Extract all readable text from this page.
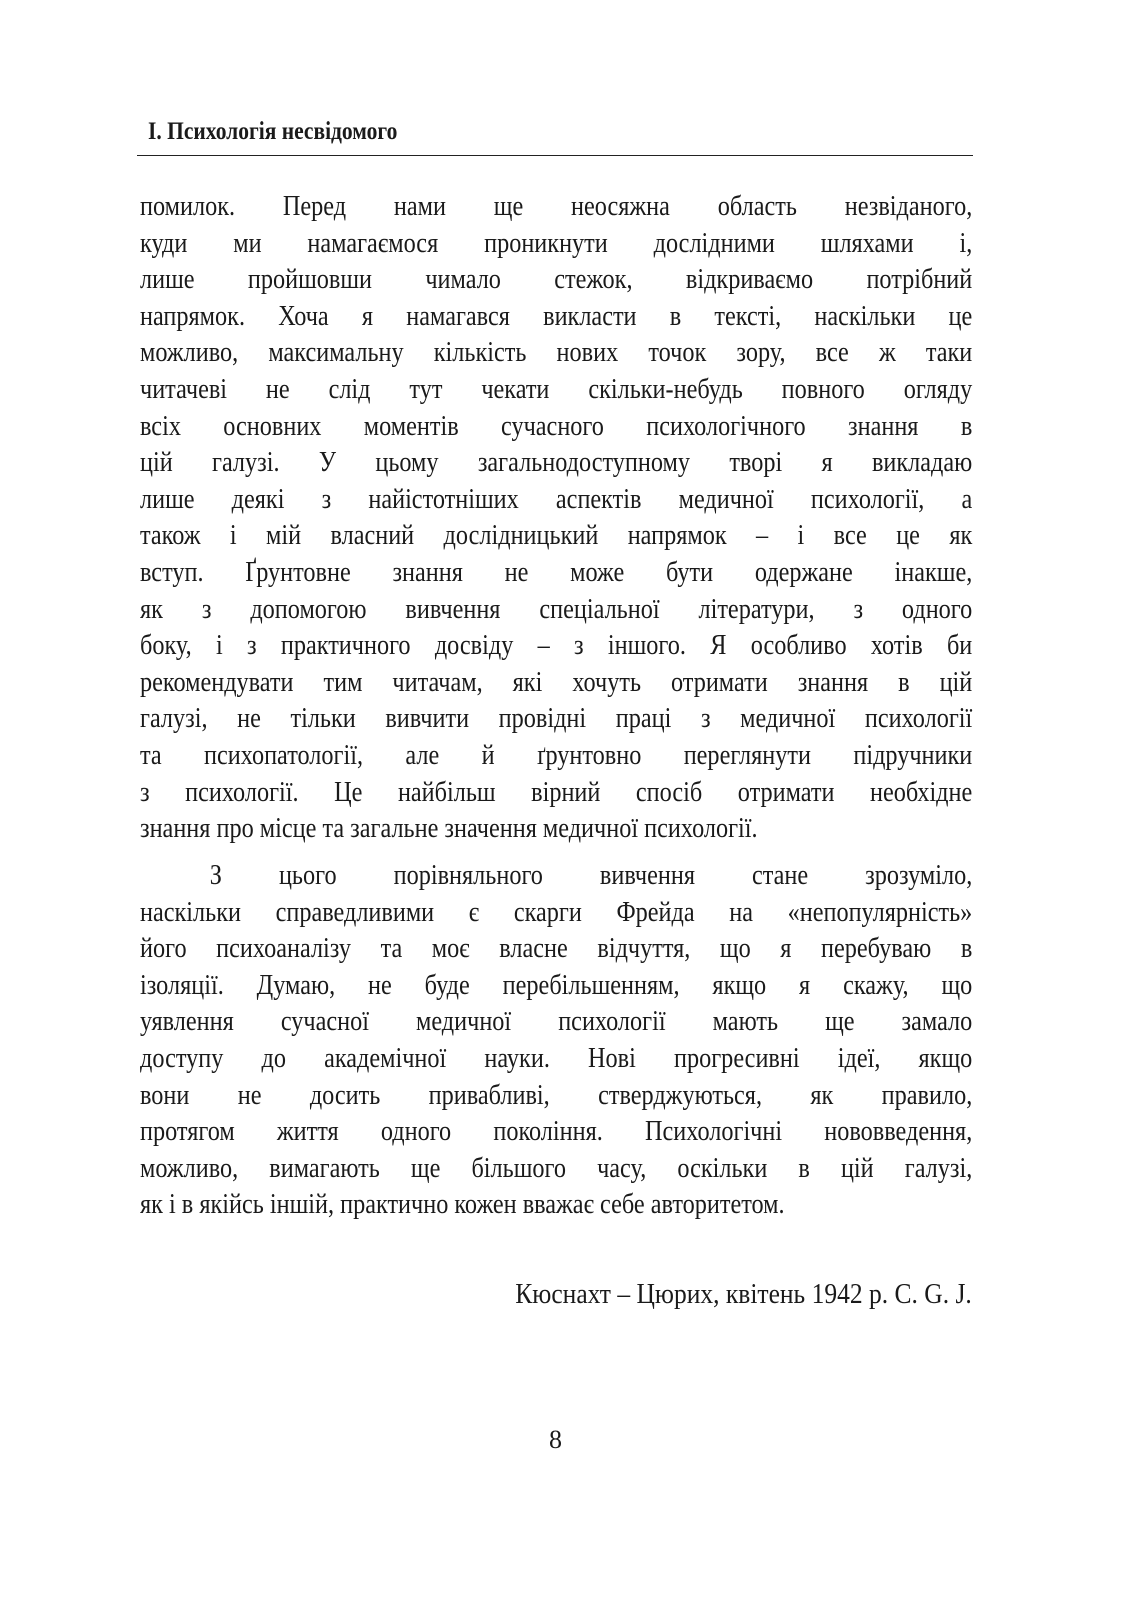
І. Психологія несвідомого
помилок. Перед нами ще неосяжна область незвіданого,
куди ми намагаємося проникнути дослідними шляхами і,
лише пройшовши чимало стежок, відкриваємо потрібний
напрямок. Хоча я намагався викласти в тексті, наскільки це
можливо, максимальну кількість нових точок зору, все ж таки
читачеві не слід тут чекати скільки-небудь повного огляду
всіх основних моментів сучасного психологічного знання в
цій галузі. У цьому загальнодоступному творі я викладаю
лише деякі з найістотніших аспектів медичної психології, а
також і мій власний дослідницький напрямок – і все це як
вступ. Ґрунтовне знання не може бути одержане інакше,
як з допомогою вивчення спеціальної літератури, з одного
боку, і з практичного досвіду – з іншого. Я особливо хотів би
рекомендувати тим читачам, які хочуть отримати знання в цій
галузі, не тільки вивчити провідні праці з медичної психології
та психопатології, але й ґрунтовно переглянути підручники
з психології. Це найбільш вірний спосіб отримати необхідне
знання про місце та загальне значення медичної психології.
З цього порівняльного вивчення стане зрозуміло,
наскільки справедливими є скарги Фрейда на «непопулярність»
його психоаналізу та моє власне відчуття, що я перебуваю в
ізоляції. Думаю, не буде перебільшенням, якщо я скажу, що
уявлення сучасної медичної психології мають ще замало
доступу до академічної науки. Нові прогресивні ідеї, якщо
вони не досить привабливі, стверджуються, як правило,
протягом життя одного покоління. Психологічні нововведення,
можливо, вимагають ще більшого часу, оскільки в цій галузі,
як і в якійсь іншій, практично кожен вважає себе авторитетом.
Кюснахт – Цюрих, квітень 1942 р. C. G. J.
8
